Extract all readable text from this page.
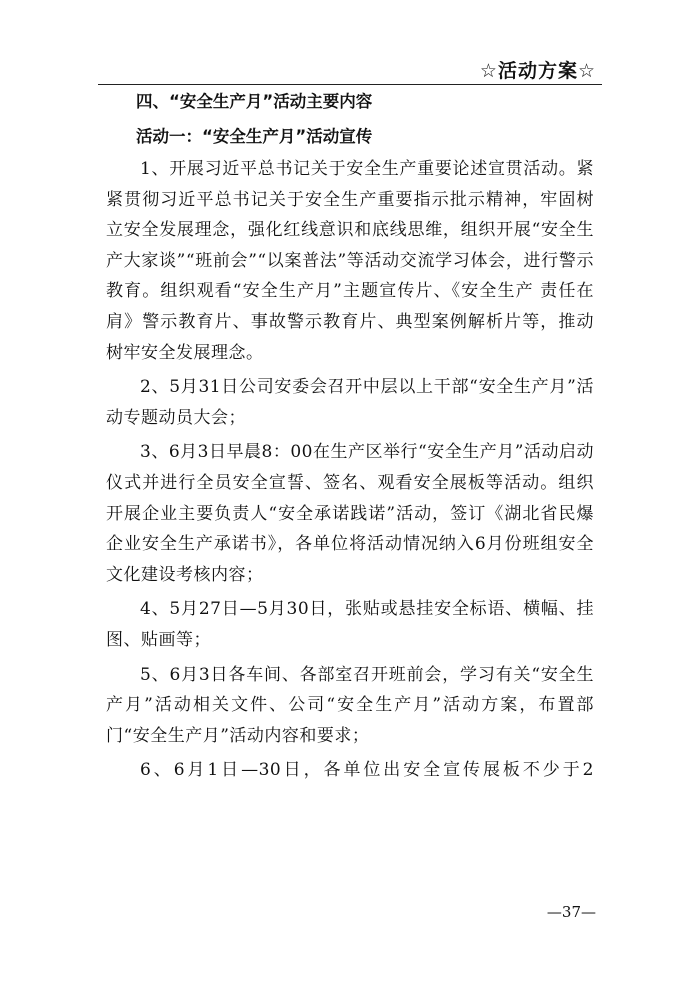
☆活动方案☆
四、“安全生产月”活动主要内容
活动一：“安全生产月”活动宣传

1、开展习近平总书记关于安全生产重要论述宣贯活动。紧紧贯彻习近平总书记关于安全生产重要指示批示精神，牢固树立安全发展理念，强化红线意识和底线思维，组织开展“安全生产大家谈”“班前会”“以案普法”等活动交流学习体会，进行警示教育。组织观看“安全生产月”主题宣传片、《安全生产 责任在肩》警示教育片、事故警示教育片、典型案例解析片等，推动树牢安全发展理念。

2、5月31日公司安委会召开中层以上干部“安全生产月”活动专题动员大会；

3、6月3日早晨8：00在生产区举行“安全生产月”活动启动仪式并进行全员安全宣誓、签名、观看安全展板等活动。组织开展企业主要负责人“安全承诺践诺”活动，签订《湖北省民爆企业安全生产承诺书》，各单位将活动情况纳入6月份班组安全文化建设考核内容；

4、5月27日—5月30日，张贴或悬挂安全标语、横幅、挂图、贴画等；

5、6月3日各车间、各部室召开班前会，学习有关“安全生产月”活动相关文件、公司“安全生产月”活动方案，布置部门“安全生产月”活动内容和要求；

6、6月1日—30日，各单位出安全宣传展板不少于2

—37—
